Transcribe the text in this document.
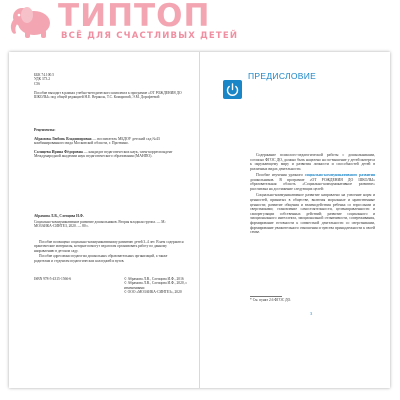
ТИПТОП
ВСЁ ДЛЯ СЧАСТЛИВЫХ ДЕТЕЙ
ББК 74.100.5
УДК 373.2
С56
Пособие выходит в рамках учебно-методического комплекта к программе «ОТ РОЖДЕНИЯ ДО ШКОЛЫ» под общей редакцией Н.Е. Вераксы, Т.С. Комаровой, Э.М. Дорофеевой

Рецензенты:

Абрамова Любовь Владимировна — воспитатель МБДОУ детский сад №43 комбинированного вида Московской области, г. Протвино.

Солнцева Ирина Фёдоровна — кандидат педагогических наук, член-корреспондент Международной академии наук педагогического образования (МАНПО).

Абрамова Л.В., Слепцова И.Ф.

Социально-коммуникативное развитие дошкольников. Вторая младшая группа. — М.: МОЗАИКА-СИНТЕЗ, 2020. — 80 с.

Пособие посвящено социально-коммуникативному развитию детей 3–4 лет. В нем содержатся практические материалы, которые помогут педагогам организовать работу по данному направлению в детском саду.

Пособие адресовано педагогам дошкольных образовательных организаций, а также родителям и студентам педагогических колледжей и вузов.

ISBN 978-5-4315-1566-6	© Абрамова Л.В., Слепцова И.Ф., 2016
© Абрамова Л.В., Слепцова И.Ф., 2020, с изменениями
© ООО «МОЗАИКА-СИНТЕЗ», 2020
ПРЕДИСЛОВИЕ

Содержание психолого-педагогической работы с дошкольниками, согласно ФГОС ДО, должно быть нацелено на по-вышение у детей интереса к окружающему миру и развития личности и способностей детей в различных видах деятельности.

Пособие изучения удачного социально-коммуникативного развития дошкольников. В программе «ОТ РОЖДЕНИЯ ДО ШКОЛЫ» образовательная область «Социально-коммуникативное развитие» рассчитана на достижение следующих целей:

Социально-коммуникативное развитие направлено на усвоение норм и ценностей, принятых в обществе, включая моральные и нравственные ценности; развитие общения и взаимодействия ребенка со взрослыми и сверстниками; становление самостоятельности, целенаправленности и саморегуляции собственных действий; развитие социального и эмоционального интеллекта, эмоциональной отзывчивости, сопереживания, формирование готовности к совместной деятельности со сверстниками, формирование уважительного отношения и чувства принадлежности к своей семье.

* См. пункт 2.6 ФГОС ДО.
3
